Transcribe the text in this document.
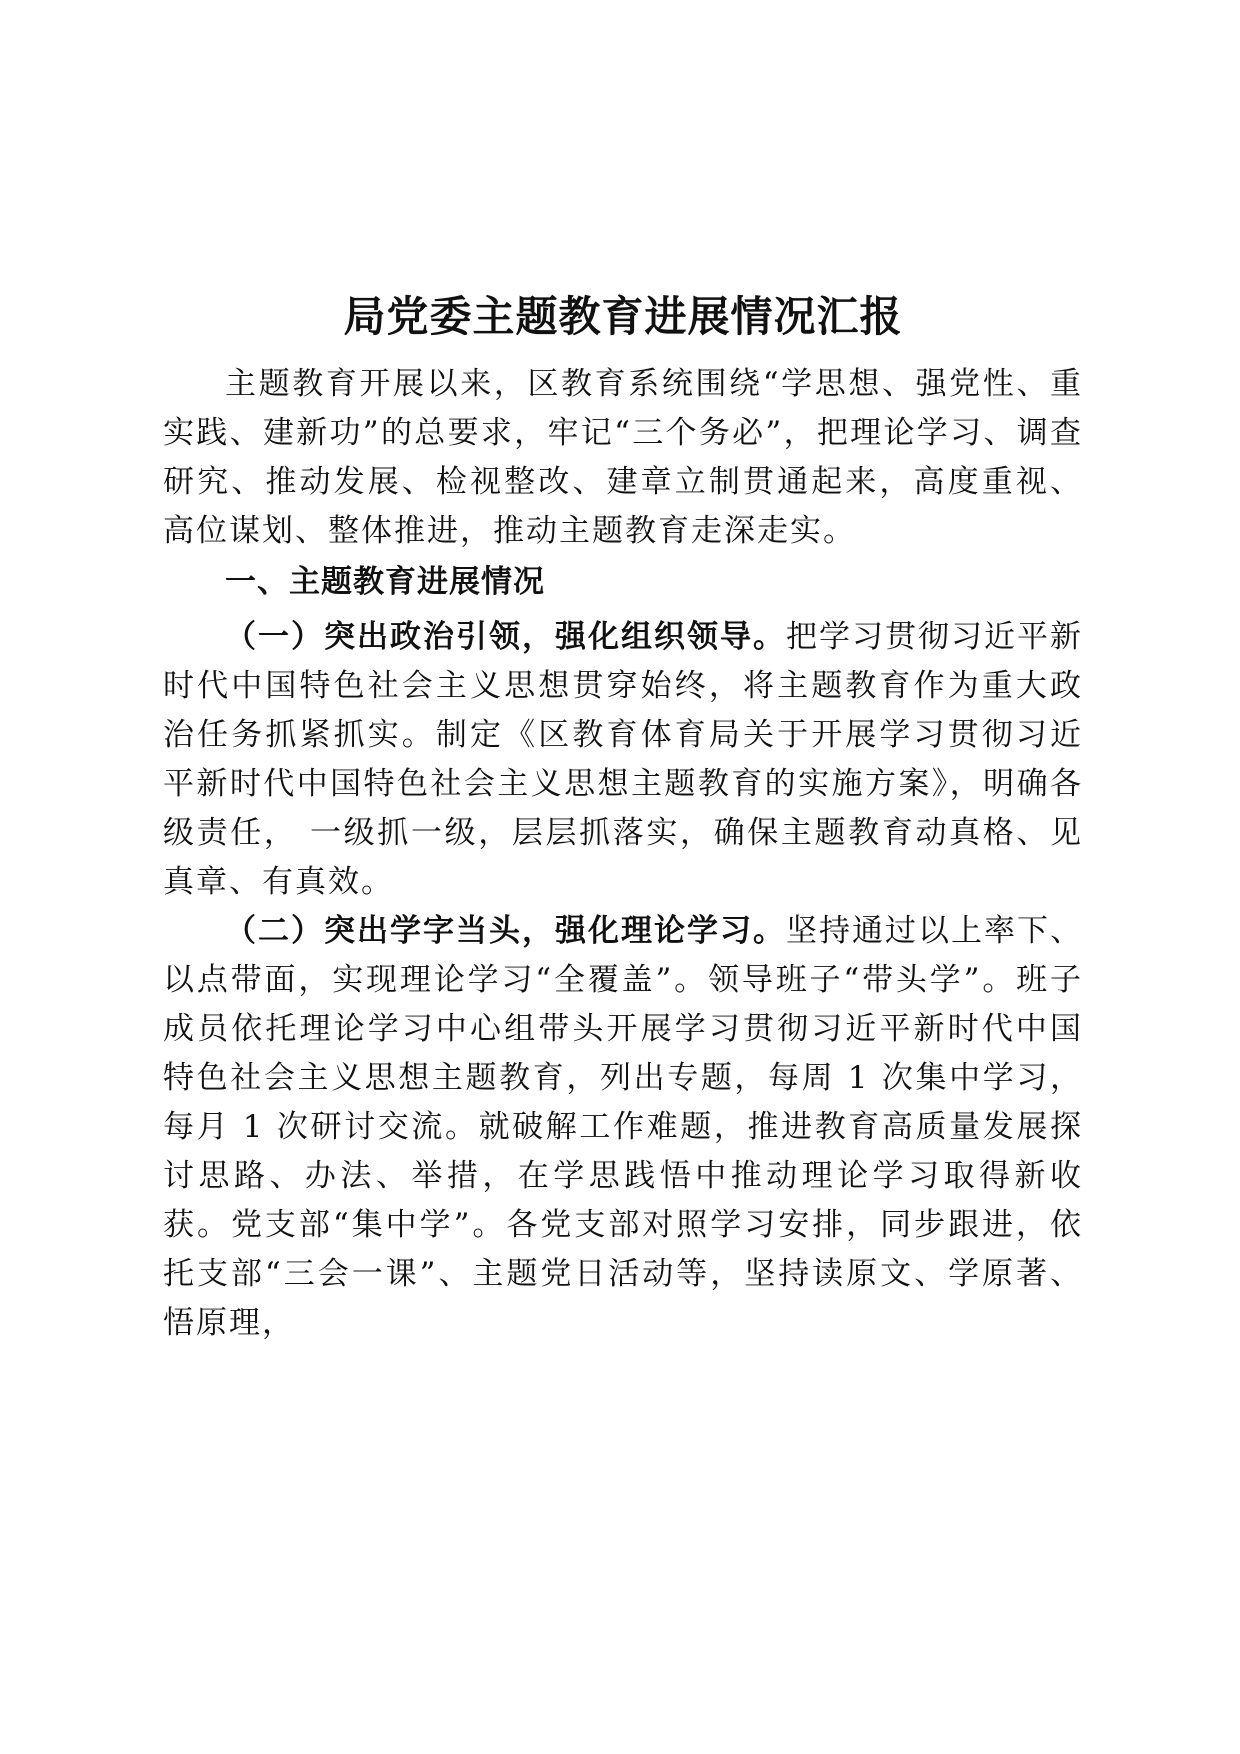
局党委主题教育进展情况汇报

主题教育开展以来，区教育系统围绕“学思想、强党性、重实践、建新功”的总要求，牢记“三个务必”，把理论学习、调查研究、推动发展、检视整改、建章立制贯通起来，高度重视、高位谋划、整体推进，推动主题教育走深走实。

一、主题教育进展情况

（一）突出政治引领，强化组织领导。把学习贯彻习近平新时代中国特色社会主义思想贯穿始终，将主题教育作为重大政治任务抓紧抓实。制定《区教育体育局关于开展学习贯彻习近平新时代中国特色社会主义思想主题教育的实施方案》，明确各级责任， 一级抓一级，层层抓落实，确保主题教育动真格、见真章、有真效。

（二）突出学字当头，强化理论学习。坚持通过以上率下、以点带面，实现理论学习“全覆盖”。领导班子“带头学”。班子成员依托理论学习中心组带头开展学习贯彻习近平新时代中国特色社会主义思想主题教育，列出专题，每周 1 次集中学习，每月 1 次研讨交流。就破解工作难题，推进教育高质量发展探讨思路、办法、举措，在学思践悟中推动理论学习取得新收获。党支部“集中学”。各党支部对照学习安排，同步跟进，依托支部“三会一课”、主题党日活动等，坚持读原文、学原著、悟原理，
